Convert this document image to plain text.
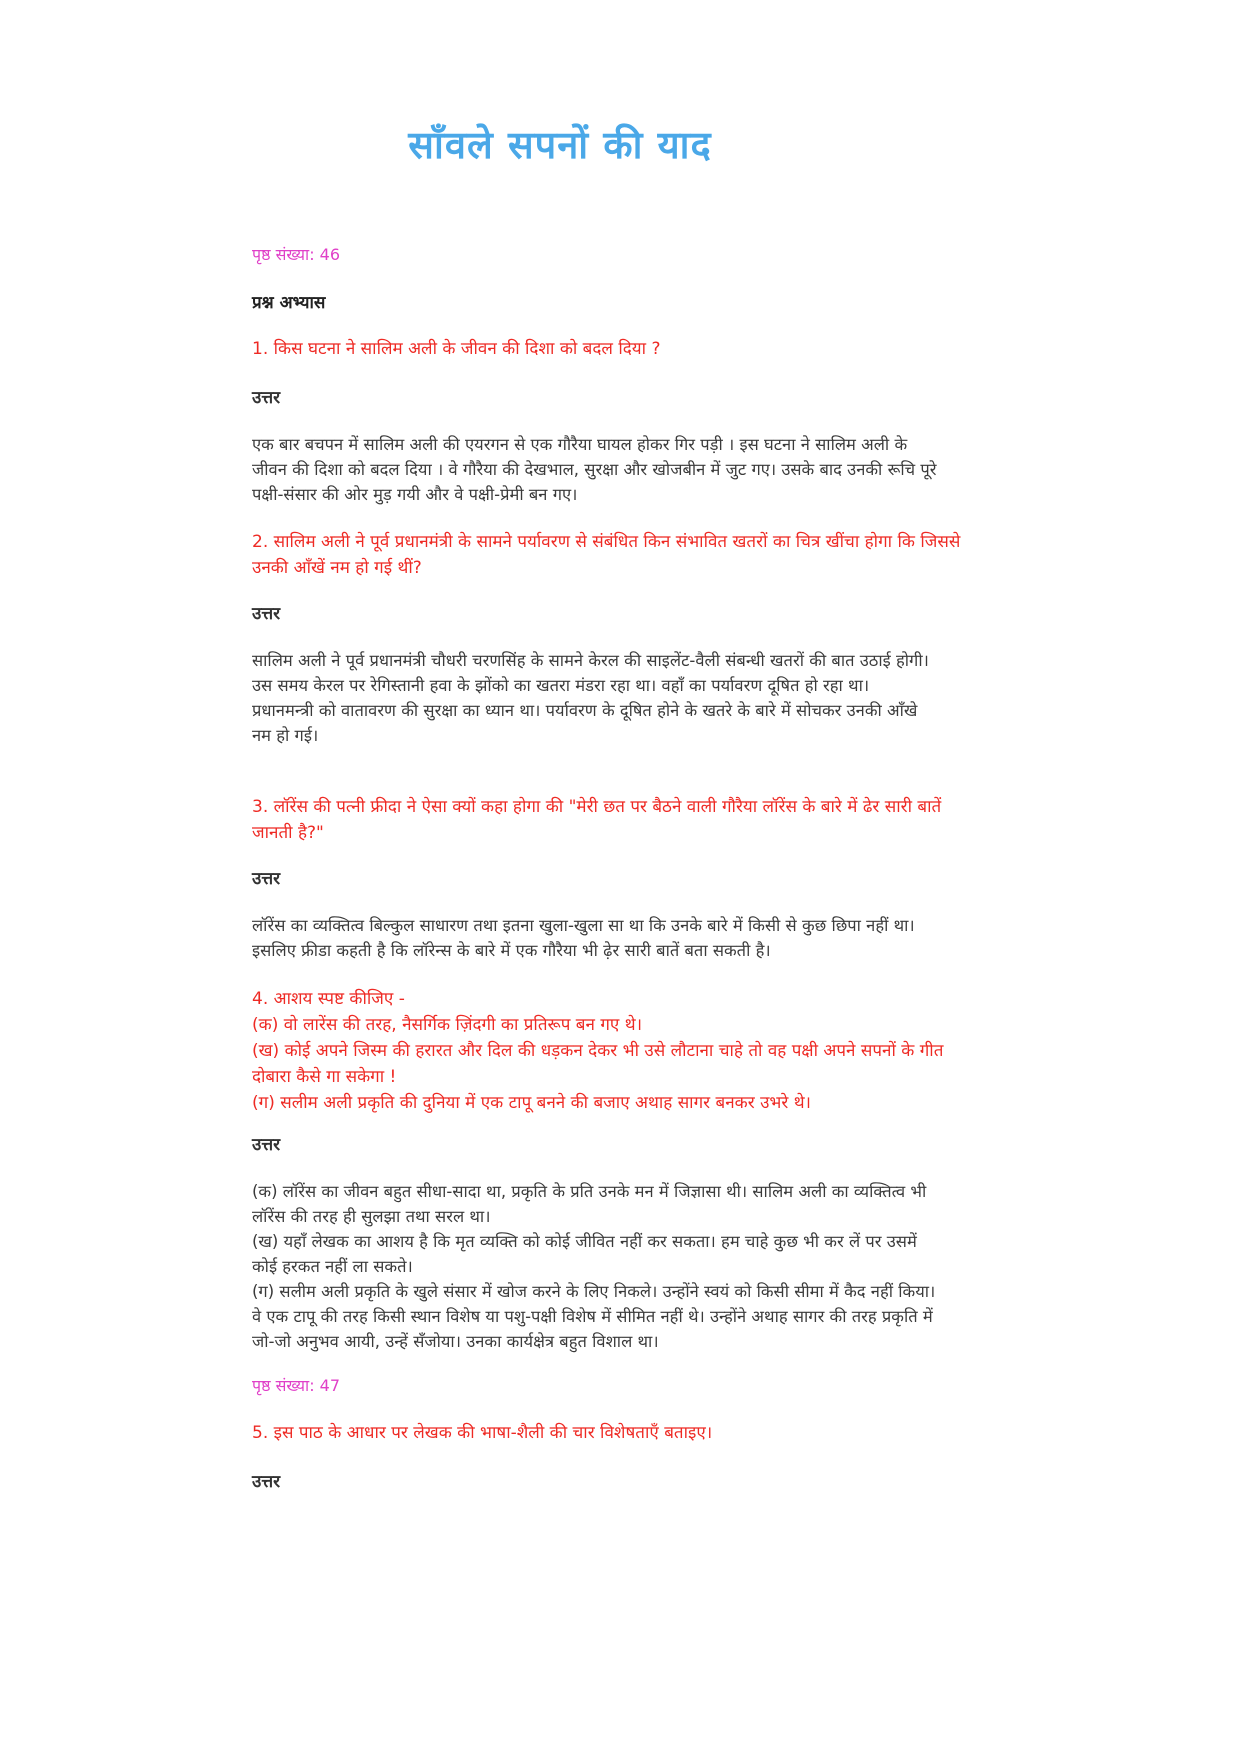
साँवले सपनों की याद
पृष्ठ संख्या: 46
प्रश्न अभ्यास
1. किस घटना ने सालिम अली के जीवन की दिशा को बदल दिया ?
उत्तर
एक बार बचपन में सालिम अली की एयरगन से एक गौरैया घायल होकर गिर पड़ी । इस घटना ने सालिम अली के
जीवन की दिशा को बदल दिया । वे गौरैया की देखभाल, सुरक्षा और खोजबीन में जुट गए। उसके बाद उनकी रूचि पूरे
पक्षी-संसार की ओर मुड़ गयी और वे पक्षी-प्रेमी बन गए।
2. सालिम अली ने पूर्व प्रधानमंत्री के सामने पर्यावरण से संबंधित किन संभावित खतरों का चित्र खींचा होगा कि जिससे
उनकी आँखें नम हो गई थीं?
उत्तर
सालिम अली ने पूर्व प्रधानमंत्री चौधरी चरणसिंह के सामने केरल की साइलेंट-वैली संबन्धी खतरों की बात उठाई होगी।
उस समय केरल पर रेगिस्तानी हवा के झोंको का खतरा मंडरा रहा था। वहाँ का पर्यावरण दूषित हो रहा था।
प्रधानमन्त्री को वातावरण की सुरक्षा का ध्यान था। पर्यावरण के दूषित होने के खतरे के बारे में सोचकर उनकी आँखे
नम हो गई।
3. लॉरेंस की पत्नी फ्रीदा ने ऐसा क्यों कहा होगा की "मेरी छत पर बैठने वाली गौरैया लॉरेंस के बारे में ढेर सारी बातें
जानती है?"
उत्तर
लॉरेंस का व्यक्तित्व बिल्कुल साधारण तथा इतना खुला-खुला सा था कि उनके बारे में किसी से कुछ छिपा नहीं था।
इसलिए फ्रीडा कहती है कि लॉरेन्स के बारे में एक गौरैया भी ढ़ेर सारी बातें बता सकती है।
4. आशय स्पष्ट कीजिए -
(क) वो लारेंस की तरह, नैसर्गिक ज़िंदगी का प्रतिरूप बन गए थे।
(ख) कोई अपने जिस्म की हरारत और दिल की धड़कन देकर भी उसे लौटाना चाहे तो वह पक्षी अपने सपनों के गीत
दोबारा कैसे गा सकेगा !
(ग) सलीम अली प्रकृति की दुनिया में एक टापू बनने की बजाए अथाह सागर बनकर उभरे थे।
उत्तर
(क) लॉरेंस का जीवन बहुत सीधा-सादा था, प्रकृति के प्रति उनके मन में जिज्ञासा थी। सालिम अली का व्यक्तित्व भी
लॉरेंस की तरह ही सुलझा तथा सरल था।
(ख) यहाँ लेखक का आशय है कि मृत व्यक्ति को कोई जीवित नहीं कर सकता। हम चाहे कुछ भी कर लें पर उसमें
कोई हरकत नहीं ला सकते।
(ग) सलीम अली प्रकृति के खुले संसार में खोज करने के लिए निकले। उन्होंने स्वयं को किसी सीमा में कैद नहीं किया।
वे एक टापू की तरह किसी स्थान विशेष या पशु-पक्षी विशेष में सीमित नहीं थे। उन्होंने अथाह सागर की तरह प्रकृति में
जो-जो अनुभव आयी, उन्हें सँजोया। उनका कार्यक्षेत्र बहुत विशाल था।
पृष्ठ संख्या: 47
5. इस पाठ के आधार पर लेखक की भाषा-शैली की चार विशेषताएँ बताइए।
उत्तर
